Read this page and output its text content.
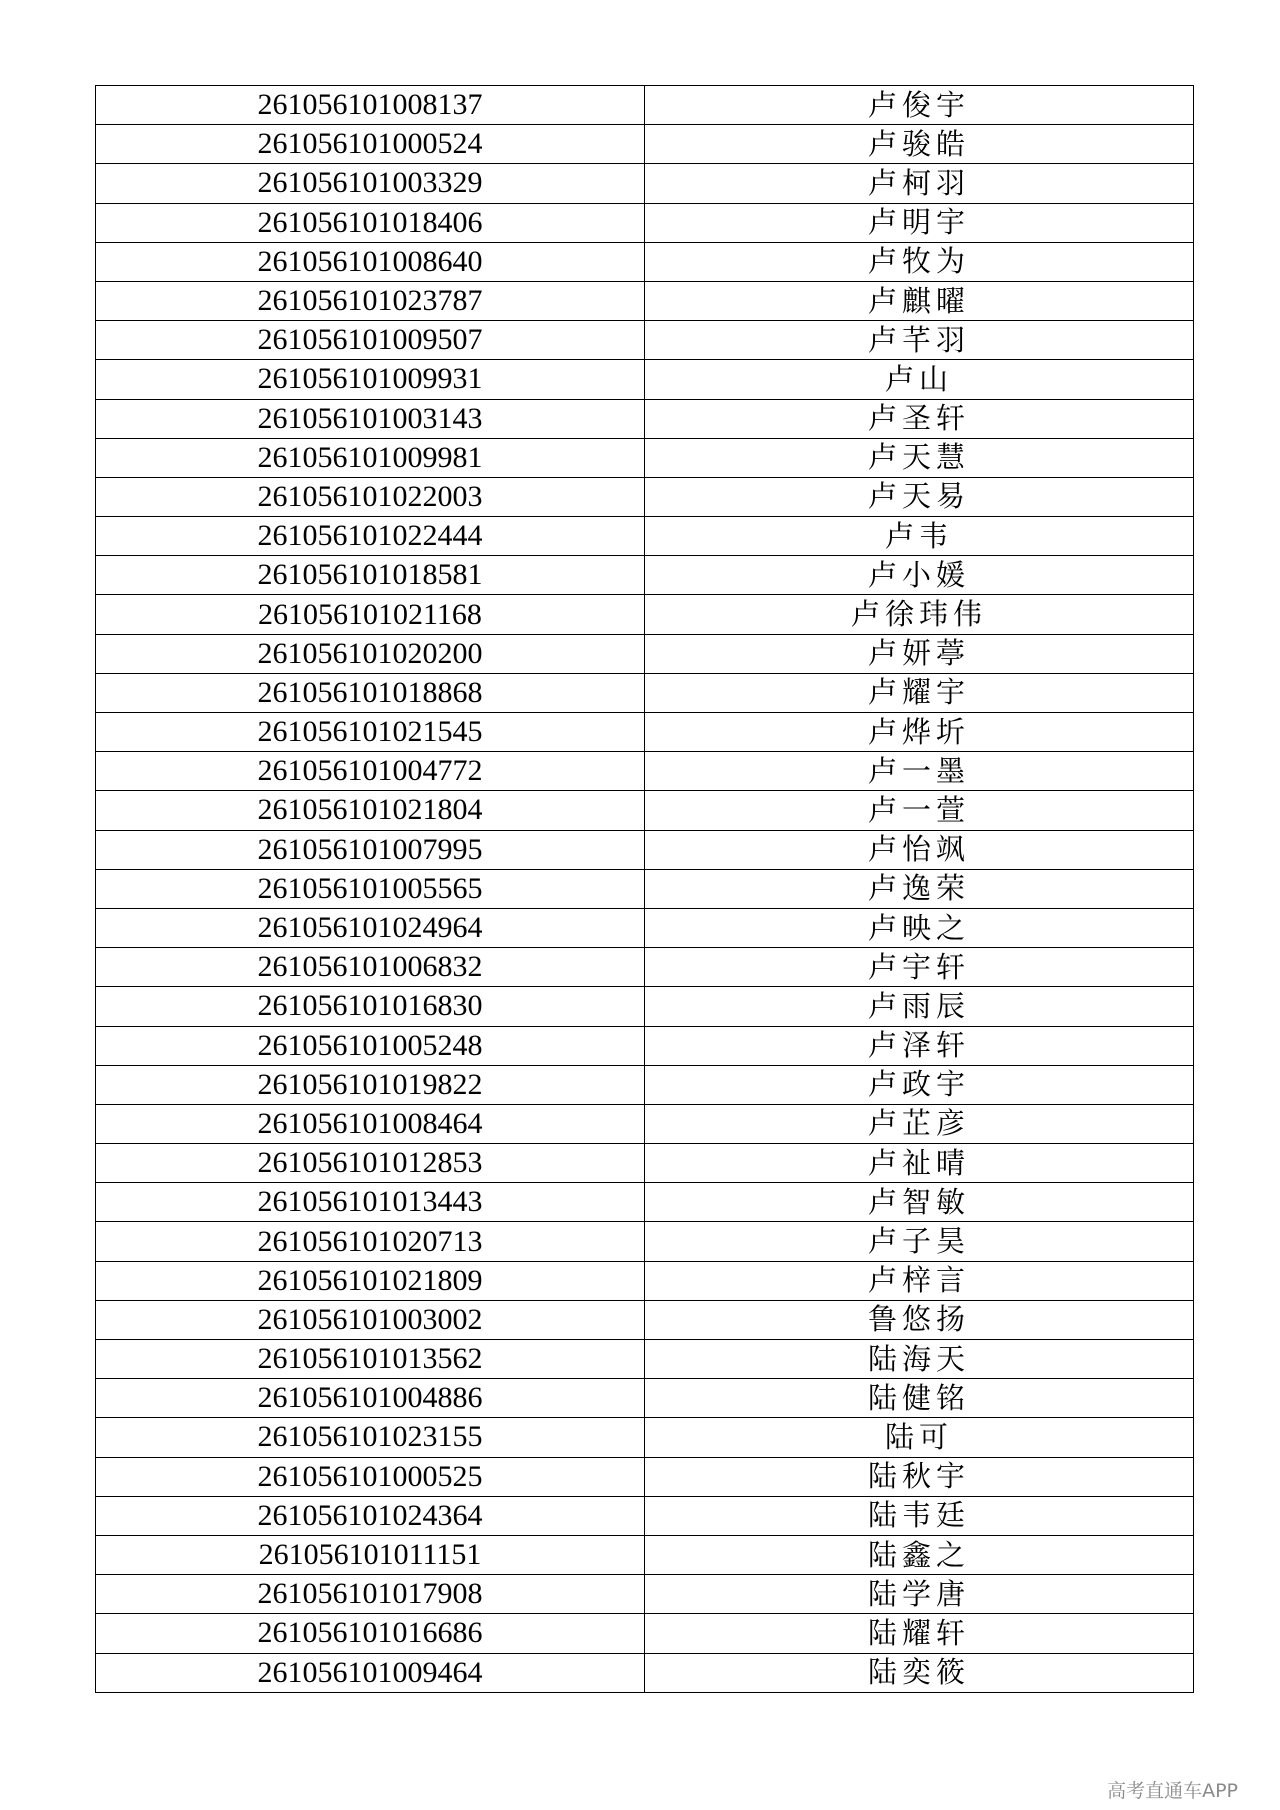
261056101008137	卢俊宇
261056101000524	卢骏皓
261056101003329	卢柯羽
261056101018406	卢明宇
261056101008640	卢牧为
261056101023787	卢麒曜
261056101009507	卢芊羽
261056101009931	卢山
261056101003143	卢圣轩
261056101009981	卢天慧
261056101022003	卢天易
261056101022444	卢韦
261056101018581	卢小媛
261056101021168	卢徐玮伟
261056101020200	卢妍葶
261056101018868	卢耀宇
261056101021545	卢烨圻
261056101004772	卢一墨
261056101021804	卢一萱
261056101007995	卢怡飒
261056101005565	卢逸荣
261056101024964	卢映之
261056101006832	卢宇轩
261056101016830	卢雨辰
261056101005248	卢泽轩
261056101019822	卢政宇
261056101008464	卢芷彦
261056101012853	卢祉晴
261056101013443	卢智敏
261056101020713	卢子昊
261056101021809	卢梓言
261056101003002	鲁悠扬
261056101013562	陆海天
261056101004886	陆健铭
261056101023155	陆可
261056101000525	陆秋宇
261056101024364	陆韦廷
261056101011151	陆鑫之
261056101017908	陆学唐
261056101016686	陆耀轩
261056101009464	陆奕筱
高考直通车APP
